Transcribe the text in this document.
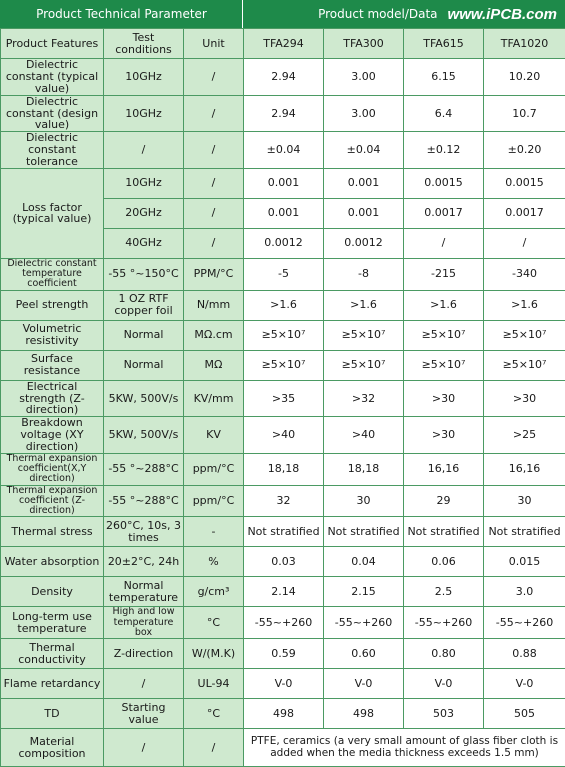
Product Technical Parameter	Product model/Data www.iPCB.com
Product Features	Test conditions	Unit	TFA294	TFA300	TFA615	TFA1020
Dielectric constant (typical value)	10GHz	/	2.94	3.00	6.15	10.20
Dielectric constant (design value)	10GHz	/	2.94	3.00	6.4	10.7
Dielectric constant tolerance	/	/	±0.04	±0.04	±0.12	±0.20
Loss factor (typical value)	10GHz	/	0.001	0.001	0.0015	0.0015
	20GHz	/	0.001	0.001	0.0017	0.0017
	40GHz	/	0.0012	0.0012	/	/
Dielectric constant temperature coefficient	-55 °~150°C	PPM/°C	-5	-8	-215	-340
Peel strength	1 OZ RTF copper foil	N/mm	>1.6	>1.6	>1.6	>1.6
Volumetric resistivity	Normal	MΩ.cm	≥5×10⁷	≥5×10⁷	≥5×10⁷	≥5×10⁷
Surface resistance	Normal	MΩ	≥5×10⁷	≥5×10⁷	≥5×10⁷	≥5×10⁷
Electrical strength (Z-direction)	5KW, 500V/s	KV/mm	>35	>32	>30	>30
Breakdown voltage (XY direction)	5KW, 500V/s	KV	>40	>40	>30	>25
Thermal expansion coefficient(X,Y direction)	-55 °~288°C	ppm/°C	18,18	18,18	16,16	16,16
Thermal expansion coefficient (Z-direction)	-55 °~288°C	ppm/°C	32	30	29	30
Thermal stress	260°C, 10s, 3 times	-	Not stratified	Not stratified	Not stratified	Not stratified
Water absorption	20±2°C, 24h	%	0.03	0.04	0.06	0.015
Density	Normal temperature	g/cm³	2.14	2.15	2.5	3.0
Long-term use temperature	High and low temperature box	°C	-55~+260	-55~+260	-55~+260	-55~+260
Thermal conductivity	Z-direction	W/(M.K)	0.59	0.60	0.80	0.88
Flame retardancy	/	UL-94	V-0	V-0	V-0	V-0
TD	Starting value	°C	498	498	503	505
Material composition	/	/	PTFE, ceramics (a very small amount of glass fiber cloth is added when the media thickness exceeds 1.5 mm)			
